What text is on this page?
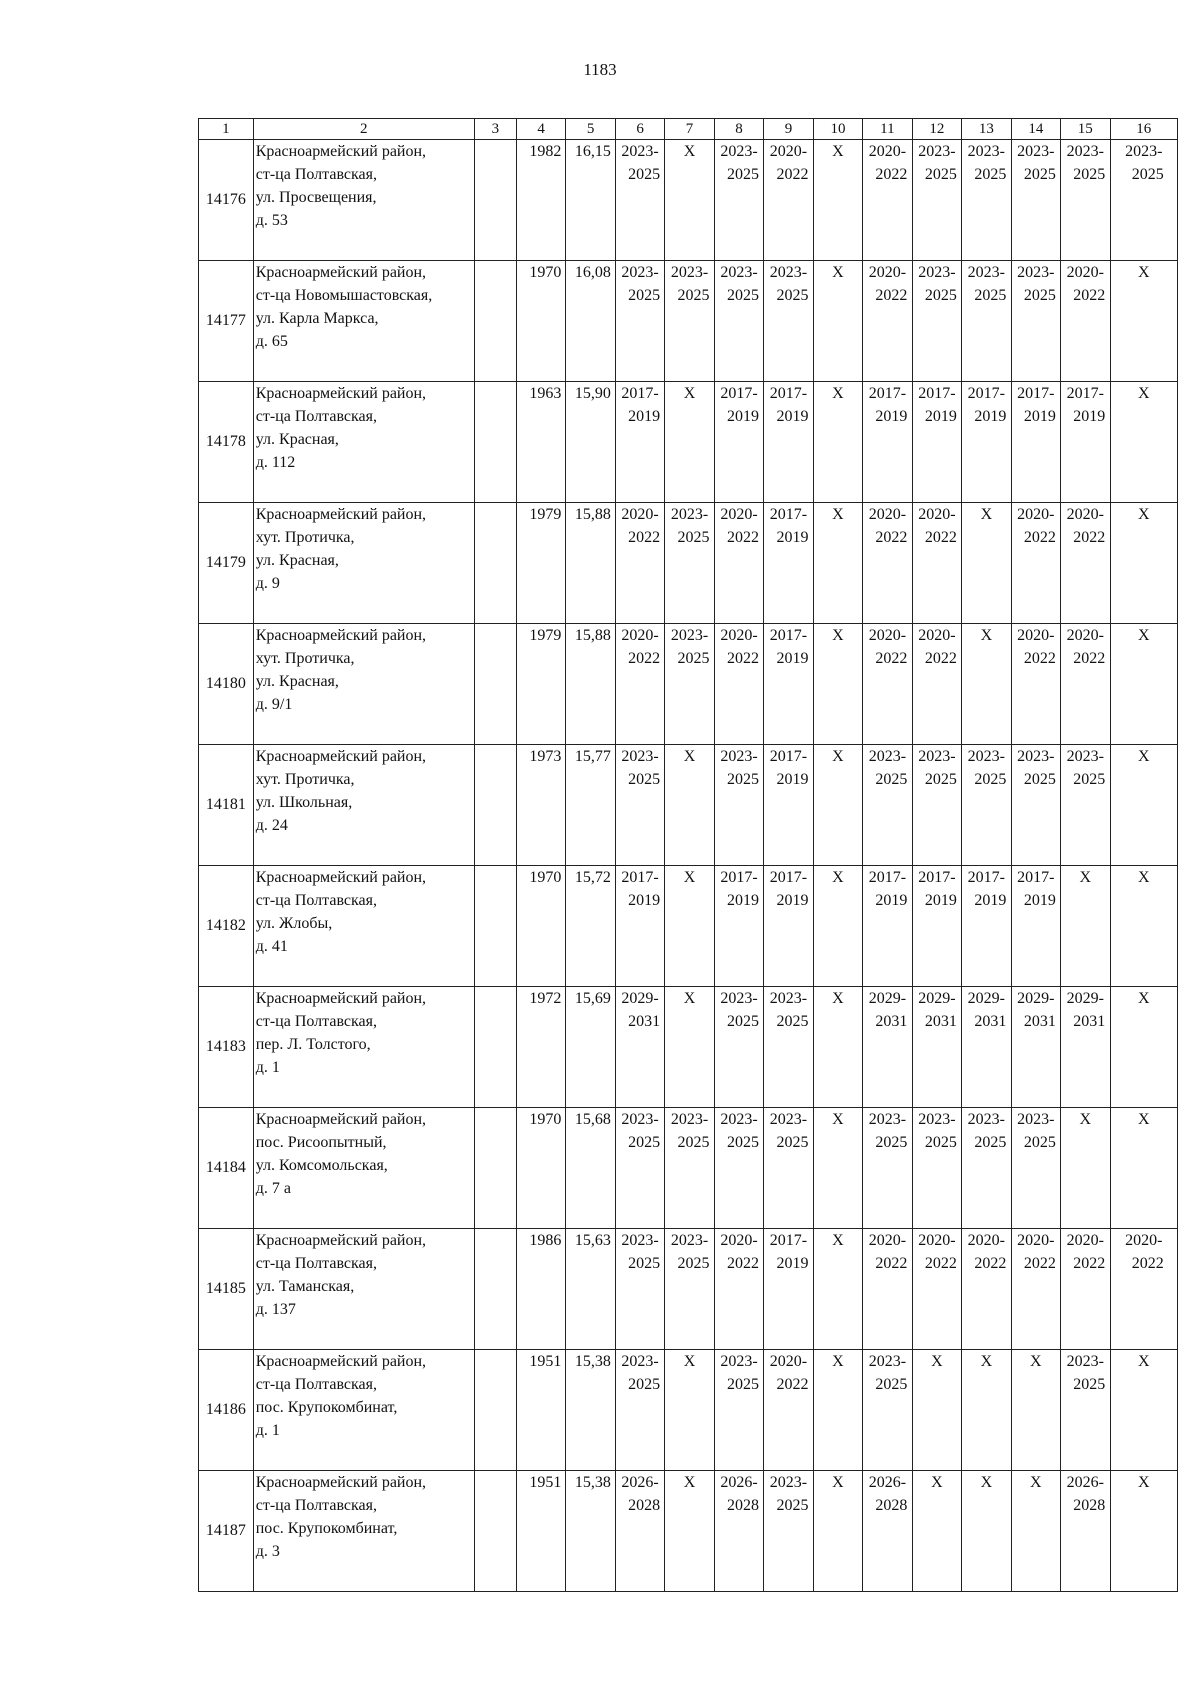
1183
1	2	3	4	5	6	7	8	9	10	11	12	13	14	15	16
14176	Красноармейский район,
ст-ца Полтавская,
ул. Просвещения,
д. 53		1982	16,15	2023-
2025	X	2023-
2025	2020-
2022	X	2020-
2022	2023-
2025	2023-
2025	2023-
2025	2023-
2025	2023-
2025

14177	Красноармейский район,
ст-ца Новомышастовская,
ул. Карла Маркса,
д. 65		1970	16,08	2023-
2025	2023-
2025	2023-
2025	2023-
2025	X	2020-
2022	2023-
2025	2023-
2025	2023-
2025	2020-
2022	X

14178	Красноармейский район,
ст-ца Полтавская,
ул. Красная,
д. 112		1963	15,90	2017-
2019	X	2017-
2019	2017-
2019	X	2017-
2019	2017-
2019	2017-
2019	2017-
2019	2017-
2019	X

14179	Красноармейский район,
хут. Протичка,
ул. Красная,
д. 9		1979	15,88	2020-
2022	2023-
2025	2020-
2022	2017-
2019	X	2020-
2022	2020-
2022	X	2020-
2022	2020-
2022	X

14180	Красноармейский район,
хут. Протичка,
ул. Красная,
д. 9/1		1979	15,88	2020-
2022	2023-
2025	2020-
2022	2017-
2019	X	2020-
2022	2020-
2022	X	2020-
2022	2020-
2022	X

14181	Красноармейский район,
хут. Протичка,
ул. Школьная,
д. 24		1973	15,77	2023-
2025	X	2023-
2025	2017-
2019	X	2023-
2025	2023-
2025	2023-
2025	2023-
2025	2023-
2025	X

14182	Красноармейский район,
ст-ца Полтавская,
ул. Жлобы,
д. 41		1970	15,72	2017-
2019	X	2017-
2019	2017-
2019	X	2017-
2019	2017-
2019	2017-
2019	2017-
2019	X	X

14183	Красноармейский район,
ст-ца Полтавская,
пер. Л. Толстого,
д. 1		1972	15,69	2029-
2031	X	2023-
2025	2023-
2025	X	2029-
2031	2029-
2031	2029-
2031	2029-
2031	2029-
2031	X

14184	Красноармейский район,
пос. Рисоопытный,
ул. Комсомольская,
д. 7 а		1970	15,68	2023-
2025	2023-
2025	2023-
2025	2023-
2025	X	2023-
2025	2023-
2025	2023-
2025	2023-
2025	X	X

14185	Красноармейский район,
ст-ца Полтавская,
ул. Таманская,
д. 137		1986	15,63	2023-
2025	2023-
2025	2020-
2022	2017-
2019	X	2020-
2022	2020-
2022	2020-
2022	2020-
2022	2020-
2022	2020-
2022

14186	Красноармейский район,
ст-ца Полтавская,
пос. Крупокомбинат,
д. 1		1951	15,38	2023-
2025	X	2023-
2025	2020-
2022	X	2023-
2025	X	X	X	2023-
2025	X

14187	Красноармейский район,
ст-ца Полтавская,
пос. Крупокомбинат,
д. 3		1951	15,38	2026-
2028	X	2026-
2028	2023-
2025	X	2026-
2028	X	X	X	2026-
2028	X
